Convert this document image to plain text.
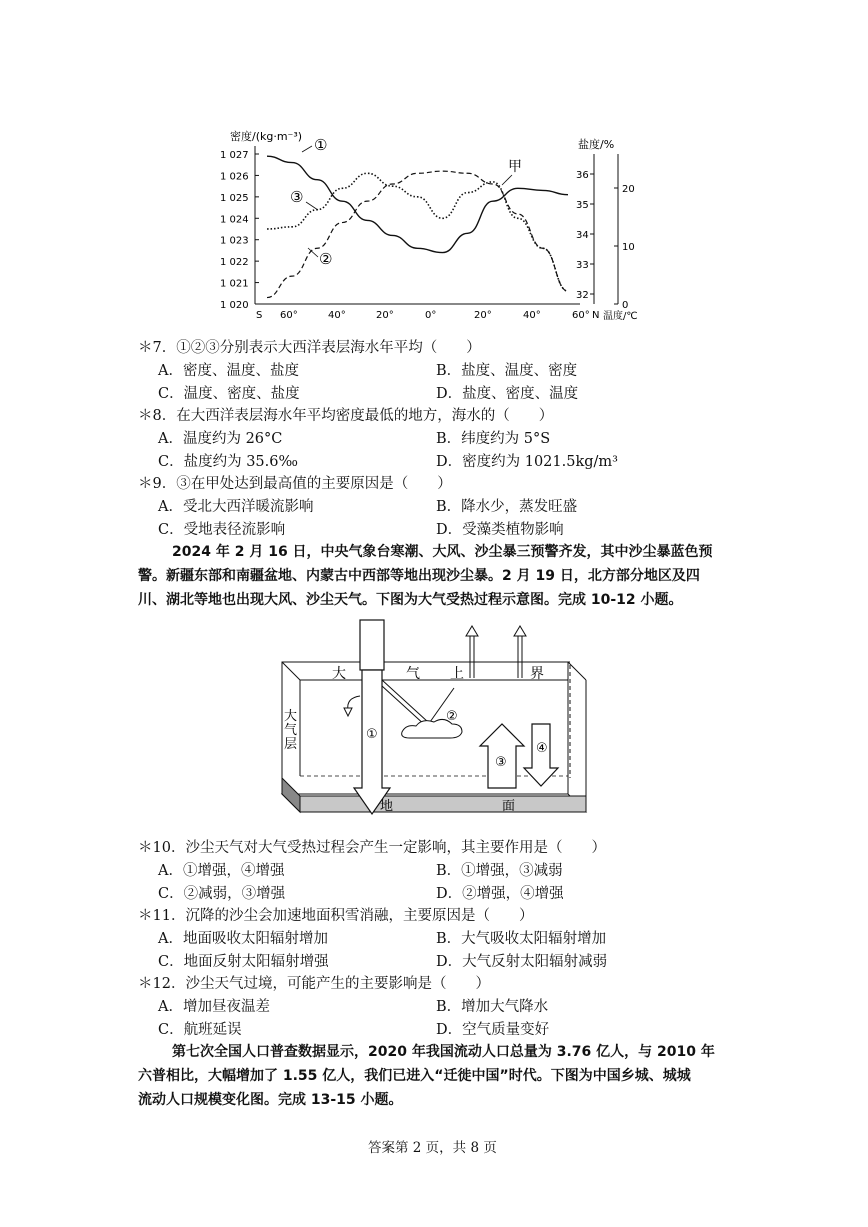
密度/(kg·m⁻³)
盐度/%
温度/℃
1 027
1 026
1 025
1 024
1 023
1 022
1 021
1 020
36
35
34
33
32
20
10
0
S 60°	40°	20°	0°	20°	40°	60° N
①
③
②
甲
＊7．①②③分别表示大西洋表层海水年平均（　　）
A．密度、温度、盐度	B．盐度、温度、密度
C．温度、密度、盐度	D．盐度、密度、温度
＊8．在大西洋表层海水年平均密度最低的地方，海水的（　　）
A．温度约为 26°C	B．纬度约为 5°S
C．盐度约为 35.6‰	D．密度约为 1021.5kg/m³
＊9．③在甲处达到最高值的主要原因是（　　）
A．受北大西洋暖流影响	B．降水少，蒸发旺盛
C．受地表径流影响	D．受藻类植物影响
2024 年 2 月 16 日，中央气象台寒潮、大风、沙尘暴三预警齐发，其中沙尘暴蓝色预
警。新疆东部和南疆盆地、内蒙古中西部等地出现沙尘暴。2 月 19 日，北方部分地区及四
川、湖北等地也出现大风、沙尘天气。下图为大气受热过程示意图。完成 10-12 小题。
大	气 上	界
大
气
层
地	面
①
②
③
④
＊10．沙尘天气对大气受热过程会产生一定影响，其主要作用是（　　）
A．①增强，④增强	B．①增强，③减弱
C．②减弱，③增强	D．②增强，④增强
＊11．沉降的沙尘会加速地面积雪消融，主要原因是（　　）
A．地面吸收太阳辐射增加	B．大气吸收太阳辐射增加
C．地面反射太阳辐射增强	D．大气反射太阳辐射减弱
＊12．沙尘天气过境，可能产生的主要影响是（　　）
A．增加昼夜温差	B．增加大气降水
C．航班延误	D．空气质量变好
第七次全国人口普查数据显示，2020 年我国流动人口总量为 3.76 亿人，与 2010 年
六普相比，大幅增加了 1.55 亿人，我们已进入“迁徙中国”时代。下图为中国乡城、城城
流动人口规模变化图。完成 13-15 小题。
答案第 2 页，共 8 页
